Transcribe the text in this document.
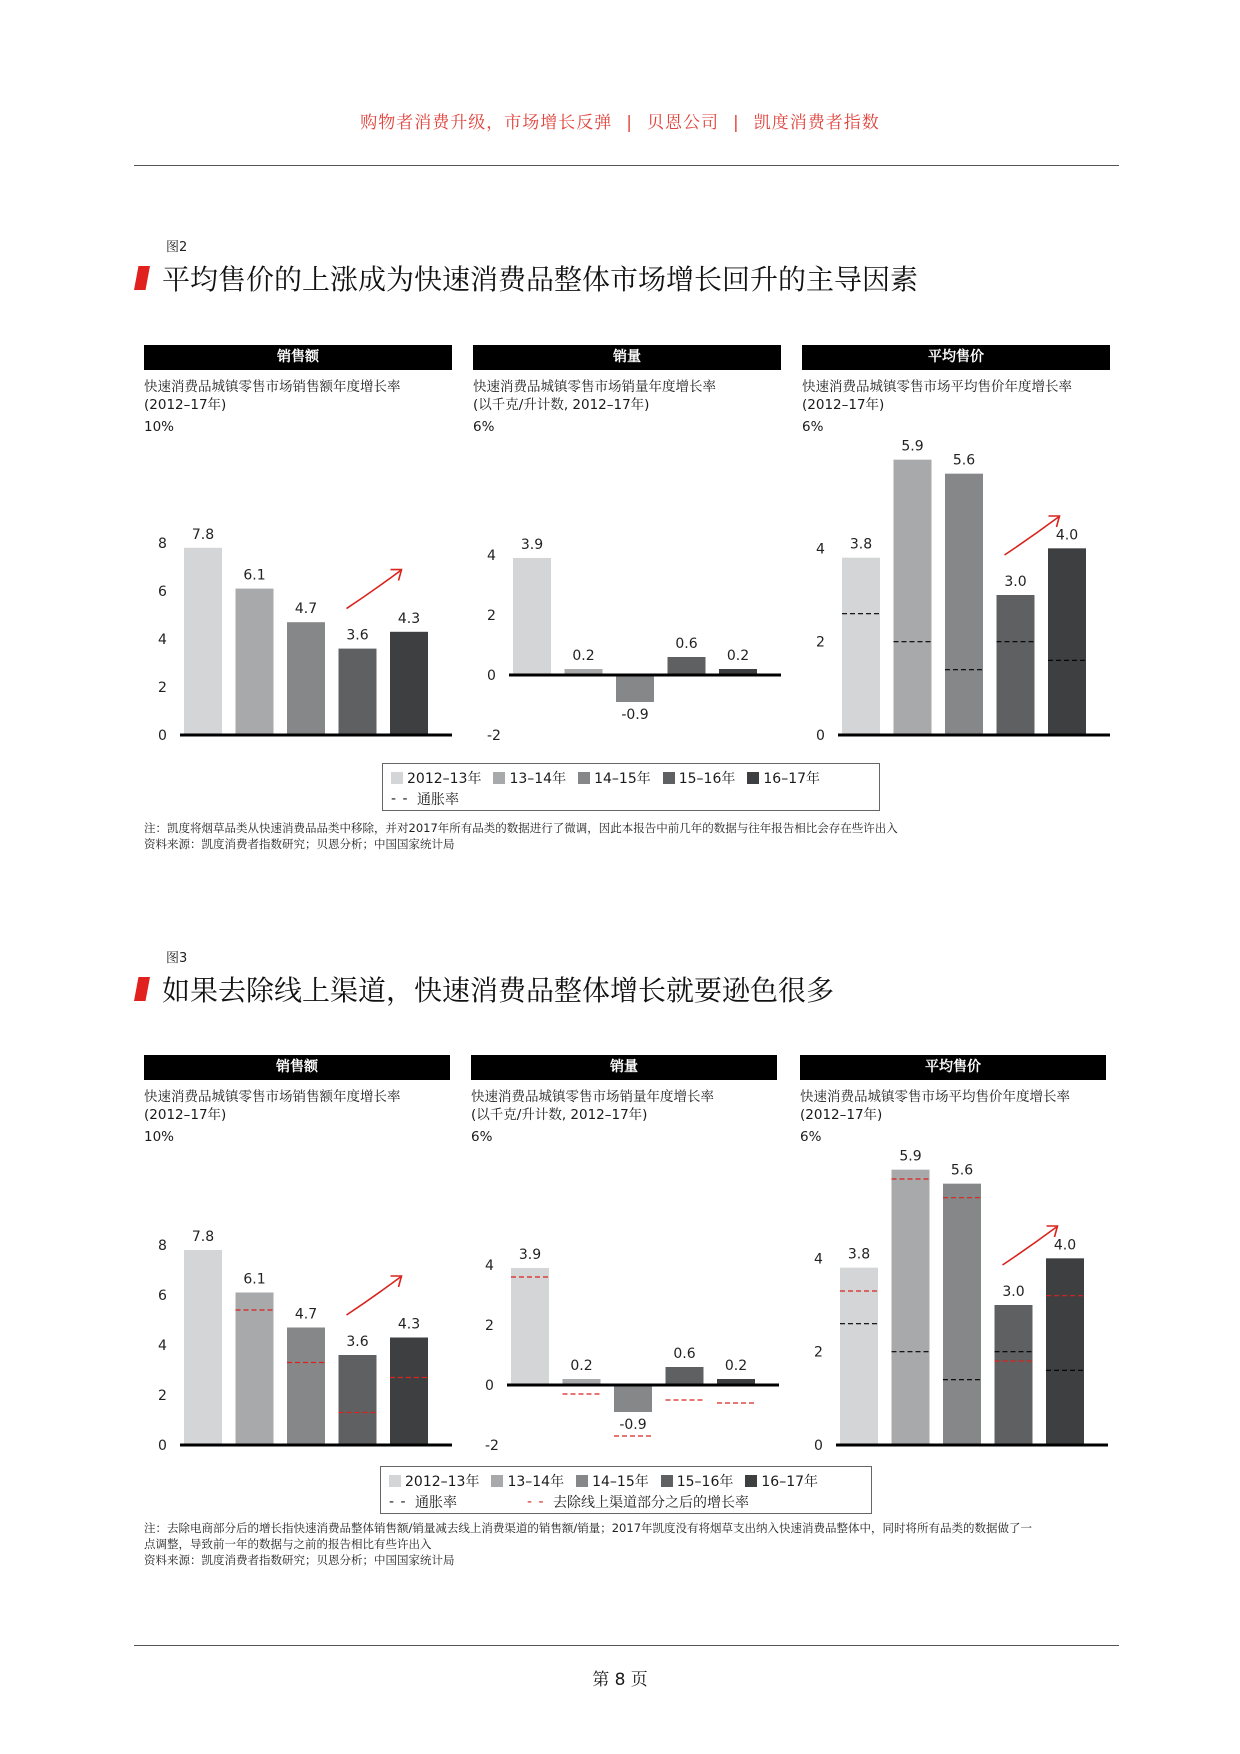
购物者消费升级，市场增长反弹 | 贝恩公司 | 凯度消费者指数
图2
平均售价的上涨成为快速消费品整体市场增长回升的主导因素
销售额
快速消费品城镇零售市场销售额年度增长率
(2012–17年)
10%
0
2
4
6
8
7.8
6.1
4.7
3.6
4.3
销量
快速消费品城镇零售市场销量年度增长率
(以千克/升计数, 2012–17年)
6%
-2
0
2
4
3.9
0.2
-0.9
0.6
0.2
平均售价
快速消费品城镇零售市场平均售价年度增长率
(2012–17年)
6%
0
2
4 3.8
5.9
5.6
3.0
4.0
2012–13年 13–14年 14–15年 15–16年 16–17年
- - 通胀率
注：凯度将烟草品类从快速消费品品类中移除，并对2017年所有品类的数据进行了微调，因此本报告中前几年的数据与往年报告相比会存在些许出入
资料来源：凯度消费者指数研究；贝恩分析；中国国家统计局
图3
如果去除线上渠道，快速消费品整体增长就要逊色很多
销售额
快速消费品城镇零售市场销售额年度增长率
(2012–17年)
10%
0
2
4
6
8
7.8
6.1
4.7
3.6
4.3
销量
快速消费品城镇零售市场销量年度增长率
(以千克/升计数, 2012–17年)
6%
-2
0
2
4
3.9
0.2
-0.9
0.6
0.2
平均售价
快速消费品城镇零售市场平均售价年度增长率
(2012–17年)
6%
0
2
4 3.8
5.9
5.6
3.0
4.0
2012–13年 13–14年 14–15年 15–16年 16–17年
- - 通胀率	- - 去除线上渠道部分之后的增长率
注：去除电商部分后的增长指快速消费品整体销售额/销量减去线上消费渠道的销售额/销量；2017年凯度没有将烟草支出纳入快速消费品整体中，同时将所有品类的数据做了一
点调整，导致前一年的数据与之前的报告相比有些许出入
资料来源：凯度消费者指数研究；贝恩分析；中国国家统计局
第 8 页
